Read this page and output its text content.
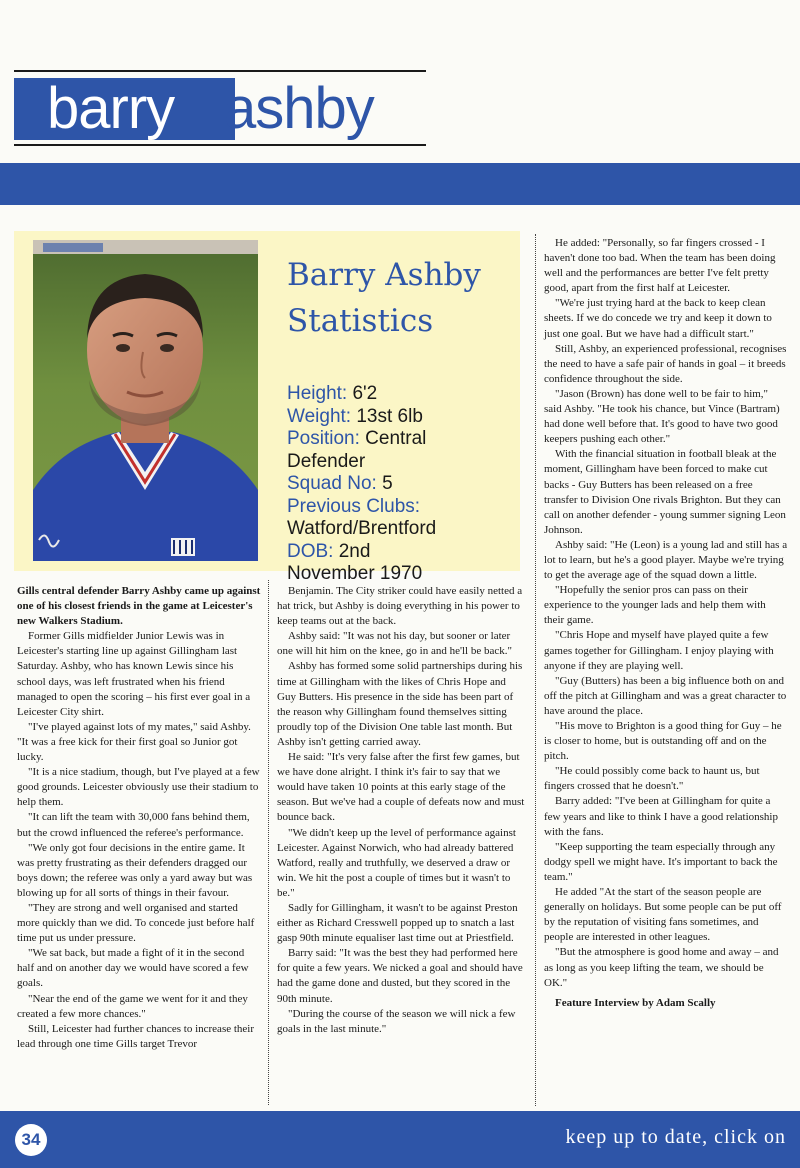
barry ashby
Barry Ashby
Statistics
Height: 6'2
Weight: 13st 6lb
Position: Central
Defender
Squad No: 5
Previous Clubs:
Watford/Brentford
DOB: 2nd
November 1970

Gills central defender Barry Ashby came up against one of his closest friends in the game at Leicester's new Walkers Stadium.

Former Gills midfielder Junior Lewis was in Leicester's starting line up against Gillingham last Saturday. Ashby, who has known Lewis since his school days, was left frustrated when his friend managed to open the scoring – his first ever goal in a Leicester City shirt.

"I've played against lots of my mates," said Ashby. "It was a free kick for their first goal so Junior got lucky.

"It is a nice stadium, though, but I've played at a few good grounds. Leicester obviously use their stadium to help them.

"It can lift the team with 30,000 fans behind them, but the crowd influenced the referee's performance.

"We only got four decisions in the entire game. It was pretty frustrating as their defenders dragged our boys down; the referee was only a yard away but was blowing up for all sorts of things in their favour.

"They are strong and well organised and started more quickly than we did. To concede just before half time put us under pressure.

"We sat back, but made a fight of it in the second half and on another day we would have scored a few goals.

"Near the end of the game we went for it and they created a few more chances."

Still, Leicester had further chances to increase their lead through one time Gills target Trevor

Benjamin. The City striker could have easily netted a hat trick, but Ashby is doing everything in his power to keep teams out at the back.

Ashby said: "It was not his day, but sooner or later one will hit him on the knee, go in and he'll be back."

Ashby has formed some solid partnerships during his time at Gillingham with the likes of Chris Hope and Guy Butters. His presence in the side has been part of the reason why Gillingham found themselves sitting proudly top of the Division One table last month. But Ashby isn't getting carried away.

He said: "It's very false after the first few games, but we have done alright. I think it's fair to say that we would have taken 10 points at this early stage of the season. But we've had a couple of defeats now and must bounce back.

"We didn't keep up the level of performance against Leicester. Against Norwich, who had already battered Watford, really and truthfully, we deserved a draw or win. We hit the post a couple of times but it wasn't to be."

Sadly for Gillingham, it wasn't to be against Preston either as Richard Cresswell popped up to snatch a last gasp 90th minute equaliser last time out at Priestfield.

Barry said: "It was the best they had performed here for quite a few years. We nicked a goal and should have had the game done and dusted, but they scored in the 90th minute.

"During the course of the season we will nick a few goals in the last minute."

He added: "Personally, so far fingers crossed - I haven't done too bad. When the team has been doing well and the performances are better I've felt pretty good, apart from the first half at Leicester.

"We're just trying hard at the back to keep clean sheets. If we do concede we try and keep it down to just one goal. But we have had a difficult start."

Still, Ashby, an experienced professional, recognises the need to have a safe pair of hands in goal – it breeds confidence throughout the side.

"Jason (Brown) has done well to be fair to him," said Ashby. "He took his chance, but Vince (Bartram) had done well before that. It's good to have two good keepers pushing each other."

With the financial situation in football bleak at the moment, Gillingham have been forced to make cut backs - Guy Butters has been released on a free transfer to Division One rivals Brighton. But they can call on another defender - young summer signing Leon Johnson.

Ashby said: "He (Leon) is a young lad and still has a lot to learn, but he's a good player. Maybe we're trying to get the average age of the squad down a little.

"Hopefully the senior pros can pass on their experience to the younger lads and help them with their game.

"Chris Hope and myself have played quite a few games together for Gillingham. I enjoy playing with anyone if they are playing well.

"Guy (Butters) has been a big influence both on and off the pitch at Gillingham and was a great character to have around the place.

"His move to Brighton is a good thing for Guy – he is closer to home, but is outstanding off and on the pitch.

"He could possibly come back to haunt us, but fingers crossed that he doesn't."

Barry added: "I've been at Gillingham for quite a few years and like to think I have a good relationship with the fans.

"Keep supporting the team especially through any dodgy spell we might have. It's important to back the team."

He added "At the start of the season people are generally on holidays. But some people can be put off by the reputation of visiting fans sometimes, and people are interested in other leagues.

"But the atmosphere is good home and away – and as long as you keep lifting the team, we should be OK."

Feature Interview by Adam Scally

34	keep up to date, click on
